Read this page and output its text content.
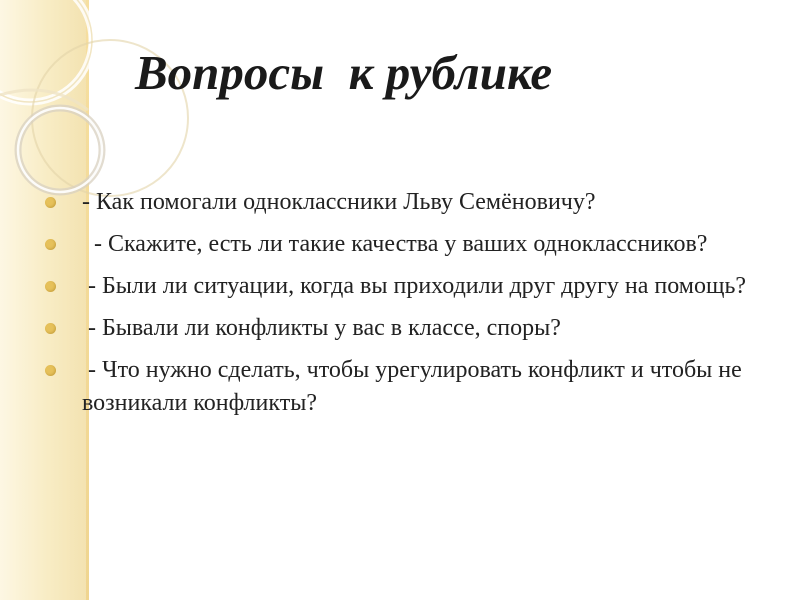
Вопросы  к рублике
- Как помогали одноклассники Льву Семёновичу?
- Скажите, есть ли такие качества у ваших одноклассников?
- Были ли ситуации, когда вы приходили друг другу на помощь?
- Бывали ли конфликты у вас в классе, споры?
- Что нужно сделать, чтобы урегулировать конфликт и чтобы не возникали конфликты?
